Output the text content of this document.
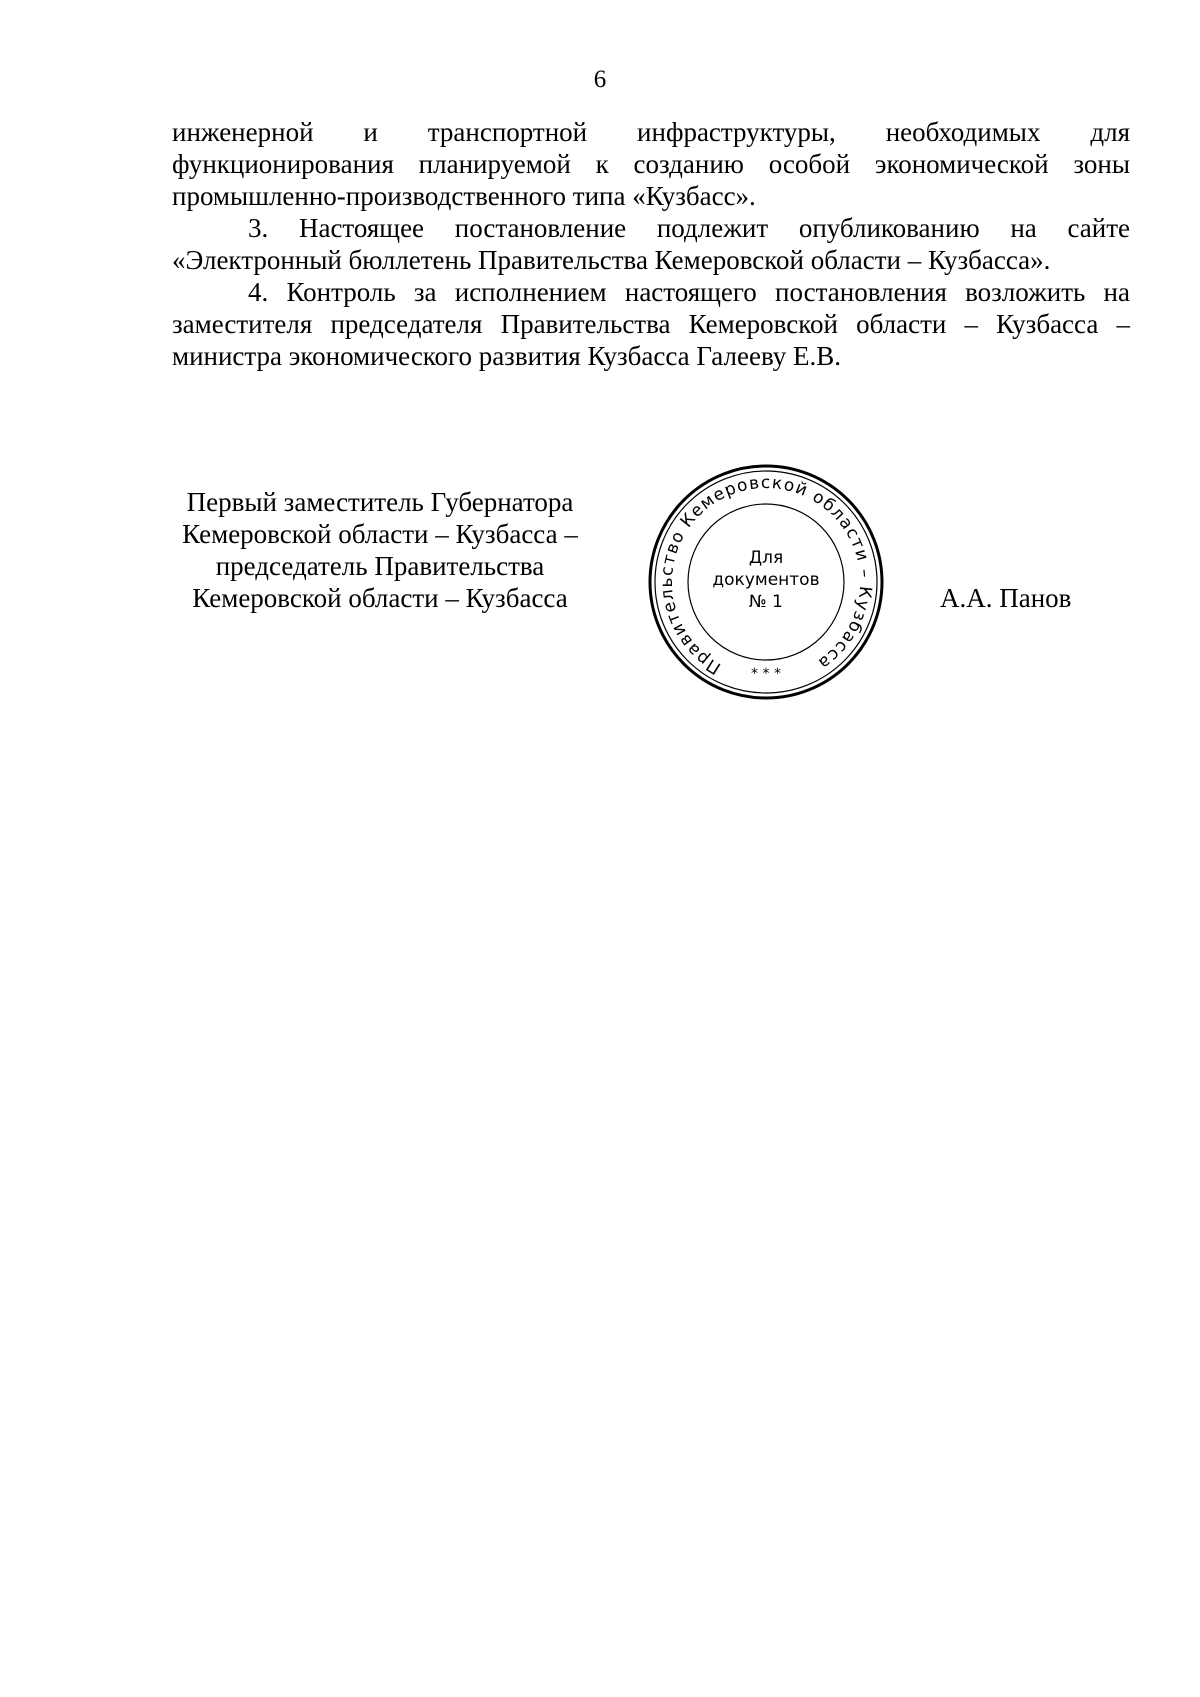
6
инженерной и транспортной инфраструктуры, необходимых для
функционирования планируемой к созданию особой экономической зоны
промышленно-производственного типа «Кузбасс».
3. Настоящее постановление подлежит опубликованию на сайте
«Электронный бюллетень Правительства Кемеровской области – Кузбасса».
4. Контроль за исполнением настоящего постановления возложить на
заместителя председателя Правительства Кемеровской области – Кузбасса –
министра экономического развития Кузбасса Галееву Е.В.
Первый заместитель Губернатора
Кемеровской области – Кузбасса –
председатель Правительства
Кемеровской области – Кузбасса
Правительство Кемеровской области – Кузбасса
* * *
Для
документов
№ 1	А.А. Панов
